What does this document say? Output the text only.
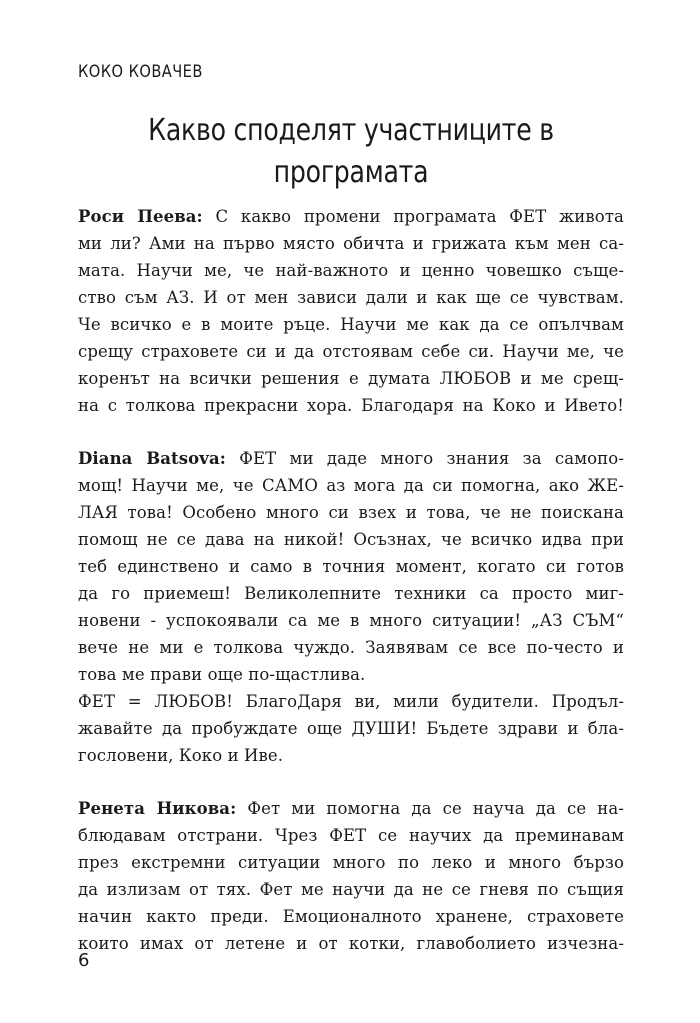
КОКО КОВАЧЕВ
Какво споделят участниците в
програмата
Роси Пеева: С какво промени програмата ФЕТ живота
ми ли? Ами на първо място обичта и грижата към мен са-
мата. Научи ме, че най-важното и ценно човешко съще-
ство съм АЗ. И от мен зависи дали и как ще се чувствам.
Че всичко е в моите ръце. Научи ме как да се опълчвам
срещу страховете си и да отстоявам себе си. Научи ме, че
коренът на всички решения е думата ЛЮБОВ и ме срещ-
на с толкова прекрасни хора. Благодаря на Коко и Ивето!
Diana Batsova: ФЕТ ми даде много знания за самопо-
мощ! Научи ме, че САМО аз мога да си помогна, ако ЖЕ-
ЛАЯ това! Особено много си взех и това, че не поискана
помощ не се дава на никой! Осъзнах, че всичко идва при
теб единствено и само в точния момент, когато си готов
да го приемеш! Великолепните техники са просто миг-
новени - успокоявали са ме в много ситуации! „АЗ СЪМ“
вече не ми е толкова чуждо. Заявявам се все по-често и
това ме прави още по-щастлива.
ФЕТ = ЛЮБОВ! БлагоДаря ви, мили будители. Продъл-
жавайте да пробуждате още ДУШИ! Бъдете здрави и бла-
гословени, Коко и Иве.
Ренета Никова: Фет ми помогна да се науча да се на-
блюдавам отстрани. Чрез ФЕТ се научих да преминавам
през екстремни ситуации много по леко и много бързо
да излизам от тях. Фет ме научи да не се гневя по същия
начин както преди. Емоционалното хранене, страховете
които имах от летене и от котки, главоболието изчезна-
6
